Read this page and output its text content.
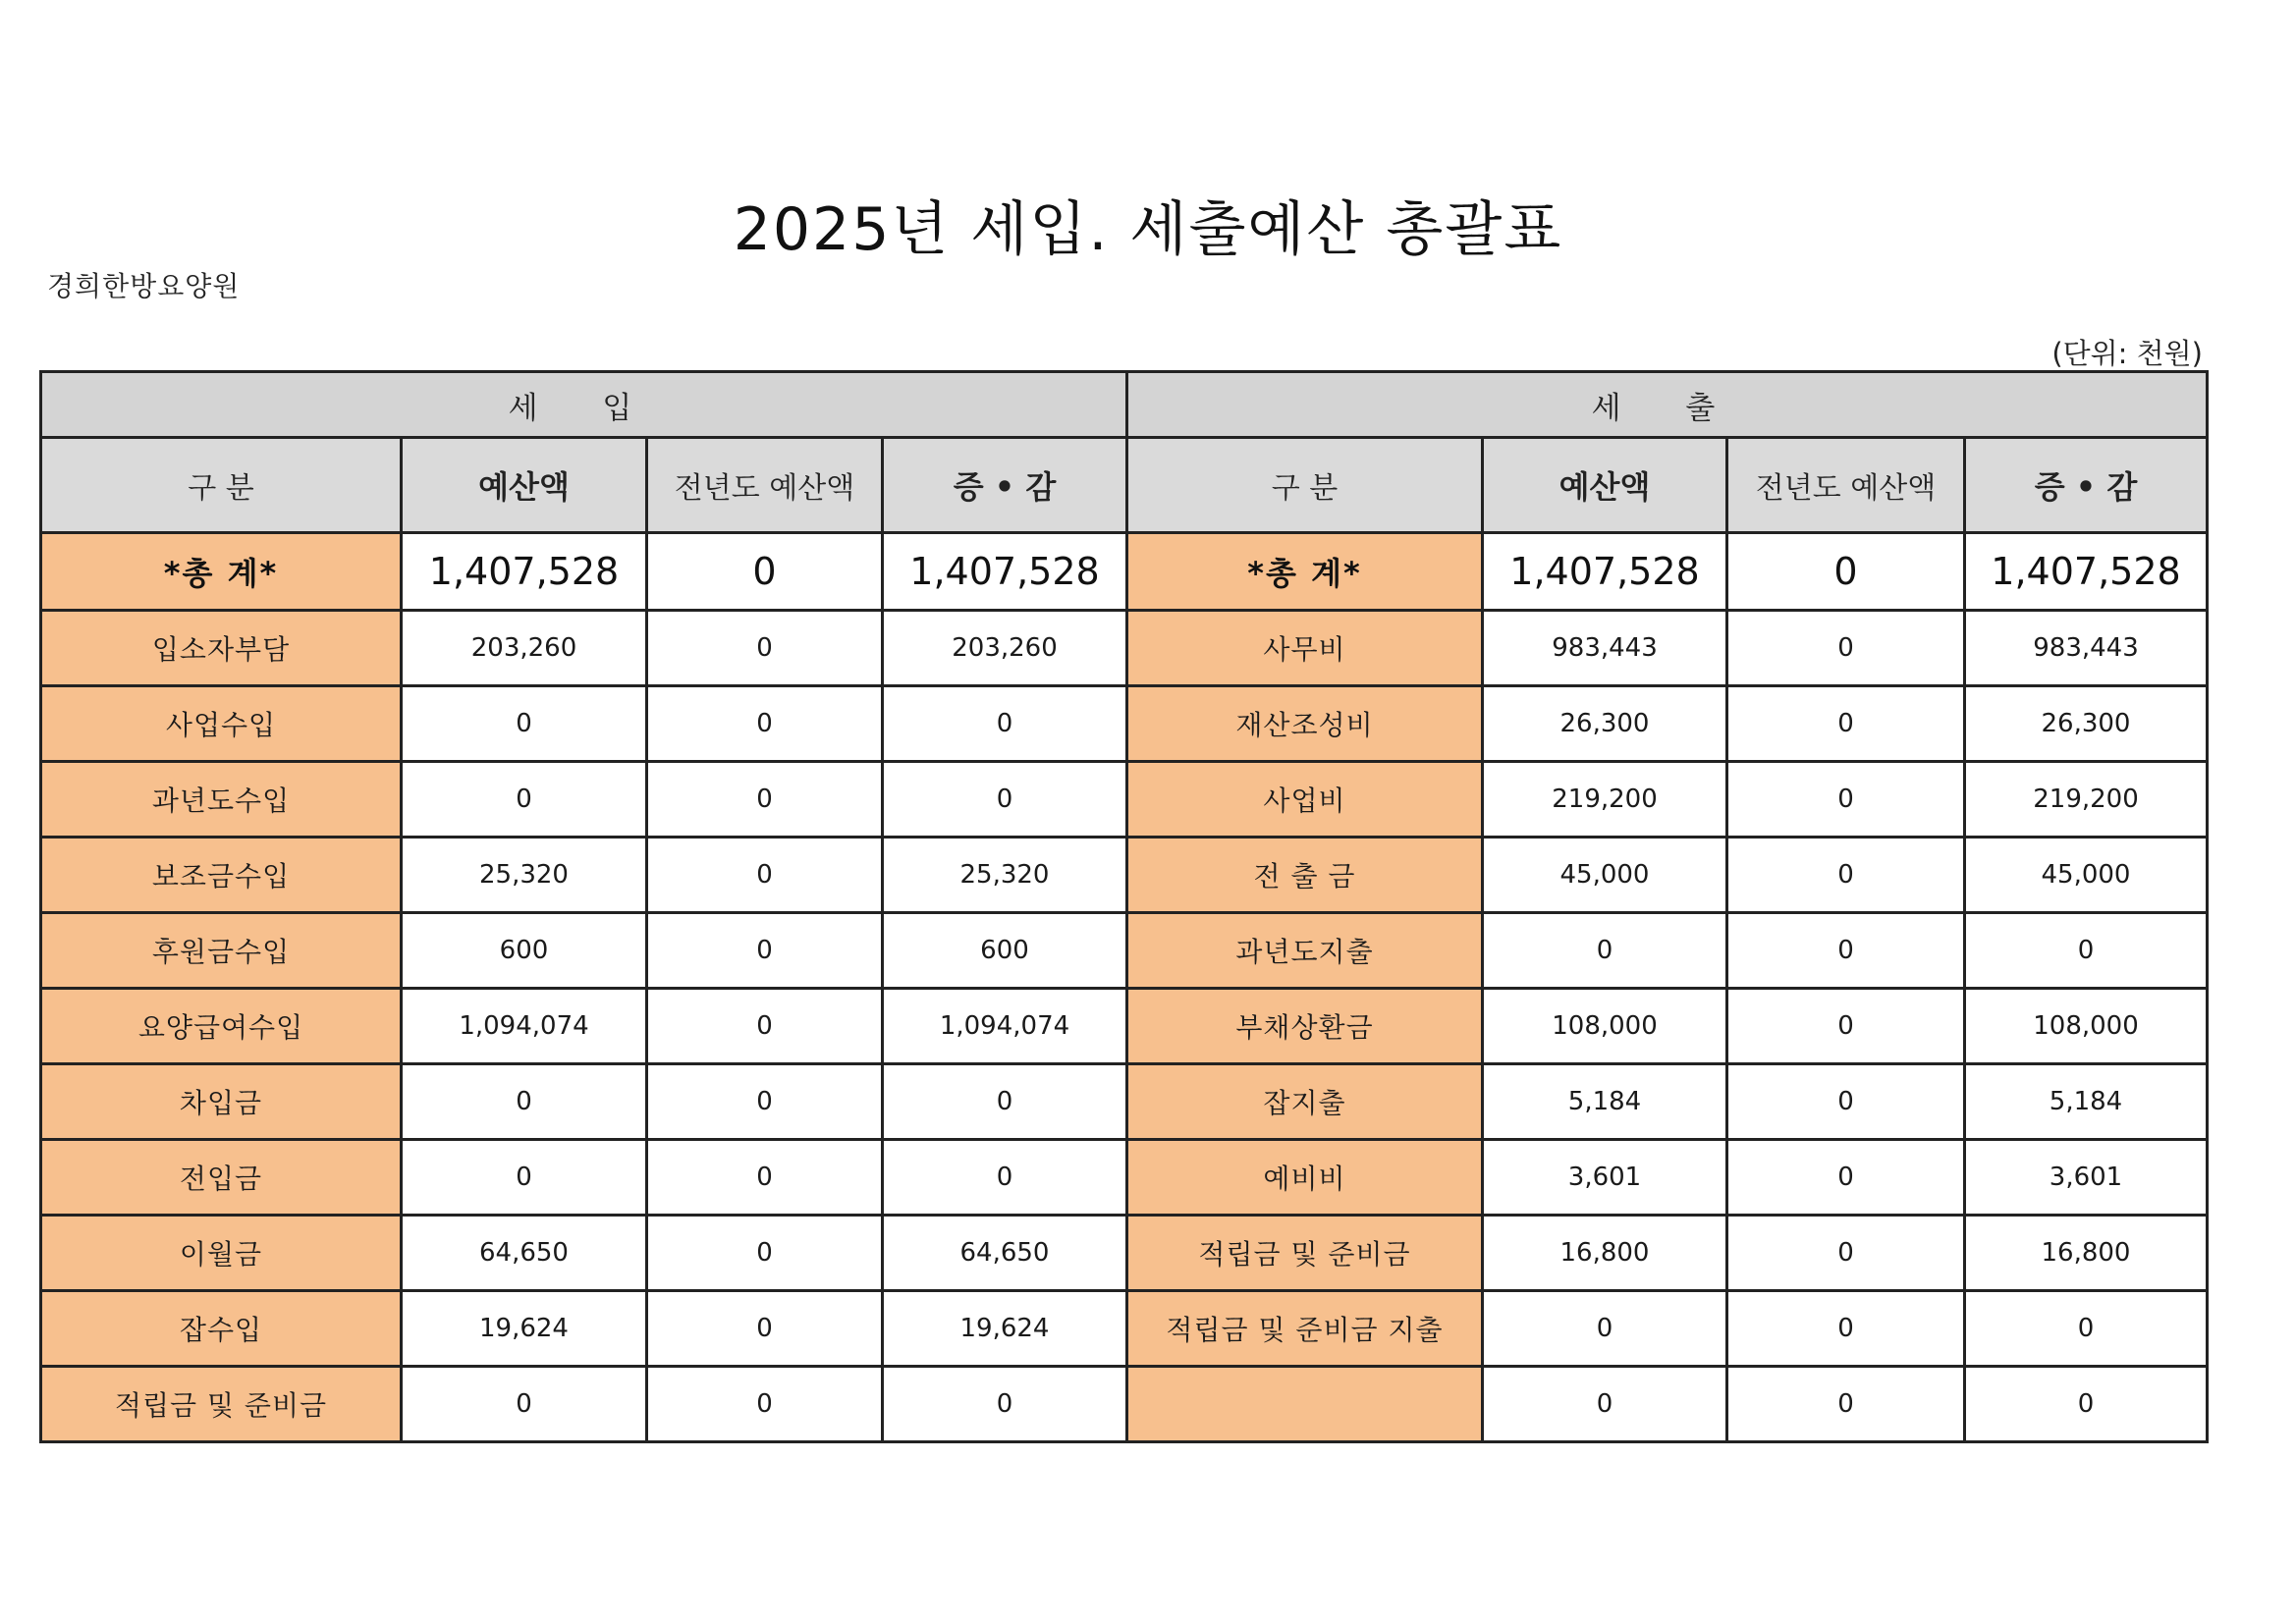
2025년 세입. 세출예산 총괄표
경희한방요양원
(단위: 천원)
세 입				세 출			
구 분	예산액	전년도 예산액	증 • 감	구 분	예산액	전년도 예산액	증 • 감
*총 계*	1,407,528	0	1,407,528	*총 계*	1,407,528	0	1,407,528
입소자부담	203,260	0	203,260	사무비	983,443	0	983,443
사업수입	0	0	0	재산조성비	26,300	0	26,300
과년도수입	0	0	0	사업비	219,200	0	219,200
보조금수입	25,320	0	25,320	전 출 금	45,000	0	45,000
후원금수입	600	0	600	과년도지출	0	0	0
요양급여수입	1,094,074	0	1,094,074	부채상환금	108,000	0	108,000
차입금	0	0	0	잡지출	5,184	0	5,184
전입금	0	0	0	예비비	3,601	0	3,601
이월금	64,650	0	64,650	적립금 및 준비금	16,800	0	16,800
잡수입	19,624	0	19,624	적립금 및 준비금 지출	0	0	0
적립금 및 준비금	0	0	0		0	0	0
